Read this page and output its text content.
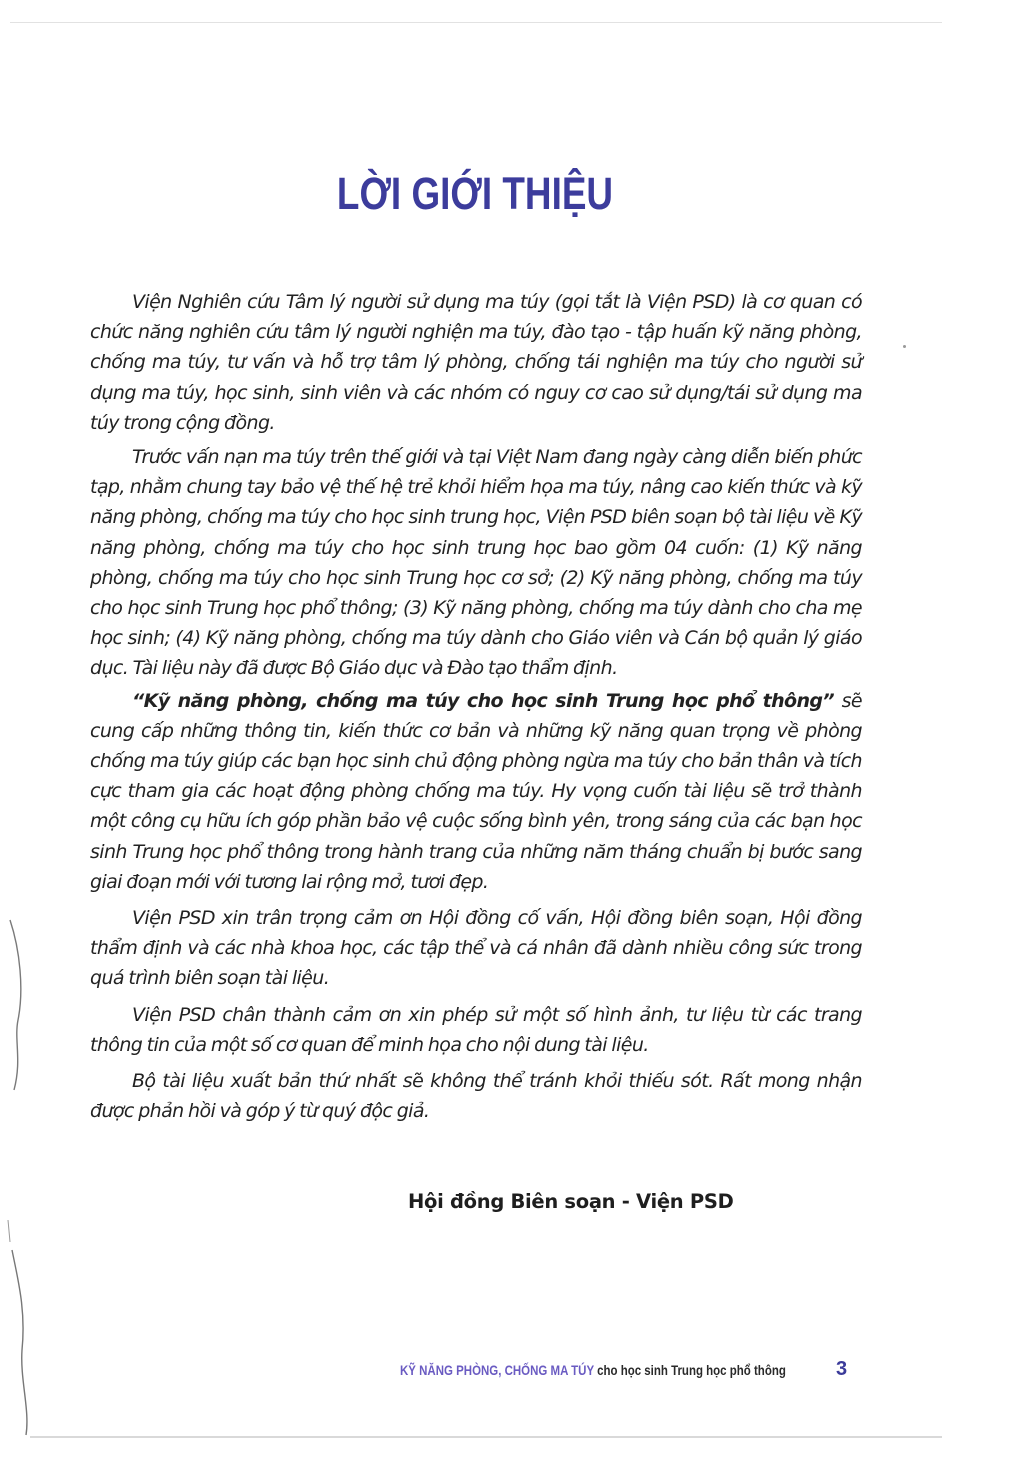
LỜI GIỚI THIỆU

Viện Nghiên cứu Tâm lý người sử dụng ma túy (gọi tắt là Viện PSD) là cơ quan có chức năng nghiên cứu tâm lý người nghiện ma túy, đào tạo - tập huấn kỹ năng phòng, chống ma túy, tư vấn và hỗ trợ tâm lý phòng, chống tái nghiện ma túy cho người sử dụng ma túy, học sinh, sinh viên và các nhóm có nguy cơ cao sử dụng/tái sử dụng ma túy trong cộng đồng.

Trước vấn nạn ma túy trên thế giới và tại Việt Nam đang ngày càng diễn biến phức tạp, nhằm chung tay bảo vệ thế hệ trẻ khỏi hiểm họa ma túy, nâng cao kiến thức và kỹ năng phòng, chống ma túy cho học sinh trung học, Viện PSD biên soạn bộ tài liệu về Kỹ năng phòng, chống ma túy cho học sinh trung học bao gồm 04 cuốn: (1) Kỹ năng phòng, chống ma túy cho học sinh Trung học cơ sở; (2) Kỹ năng phòng, chống ma túy cho học sinh Trung học phổ thông; (3) Kỹ năng phòng, chống ma túy dành cho cha mẹ học sinh; (4) Kỹ năng phòng, chống ma túy dành cho Giáo viên và Cán bộ quản lý giáo dục. Tài liệu này đã được Bộ Giáo dục và Đào tạo thẩm định.

“Kỹ năng phòng, chống ma túy cho học sinh Trung học phổ thông” sẽ cung cấp những thông tin, kiến thức cơ bản và những kỹ năng quan trọng về phòng chống ma túy giúp các bạn học sinh chủ động phòng ngừa ma túy cho bản thân và tích cực tham gia các hoạt động phòng chống ma túy. Hy vọng cuốn tài liệu sẽ trở thành một công cụ hữu ích góp phần bảo vệ cuộc sống bình yên, trong sáng của các bạn học sinh Trung học phổ thông trong hành trang của những năm tháng chuẩn bị bước sang giai đoạn mới với tương lai rộng mở, tươi đẹp.

Viện PSD xin trân trọng cảm ơn Hội đồng cố vấn, Hội đồng biên soạn, Hội đồng thẩm định và các nhà khoa học, các tập thể và cá nhân đã dành nhiều công sức trong quá trình biên soạn tài liệu.

Viện PSD chân thành cảm ơn xin phép sử một số hình ảnh, tư liệu từ các trang thông tin của một số cơ quan để minh họa cho nội dung tài liệu.

Bộ tài liệu xuất bản thứ nhất sẽ không thể tránh khỏi thiếu sót. Rất mong nhận được phản hồi và góp ý từ quý độc giả.

Hội đồng Biên soạn - Viện PSD
KỸ NĂNG PHÒNG, CHỐNG MA TÚY cho học sinh Trung học phổ thông	3
